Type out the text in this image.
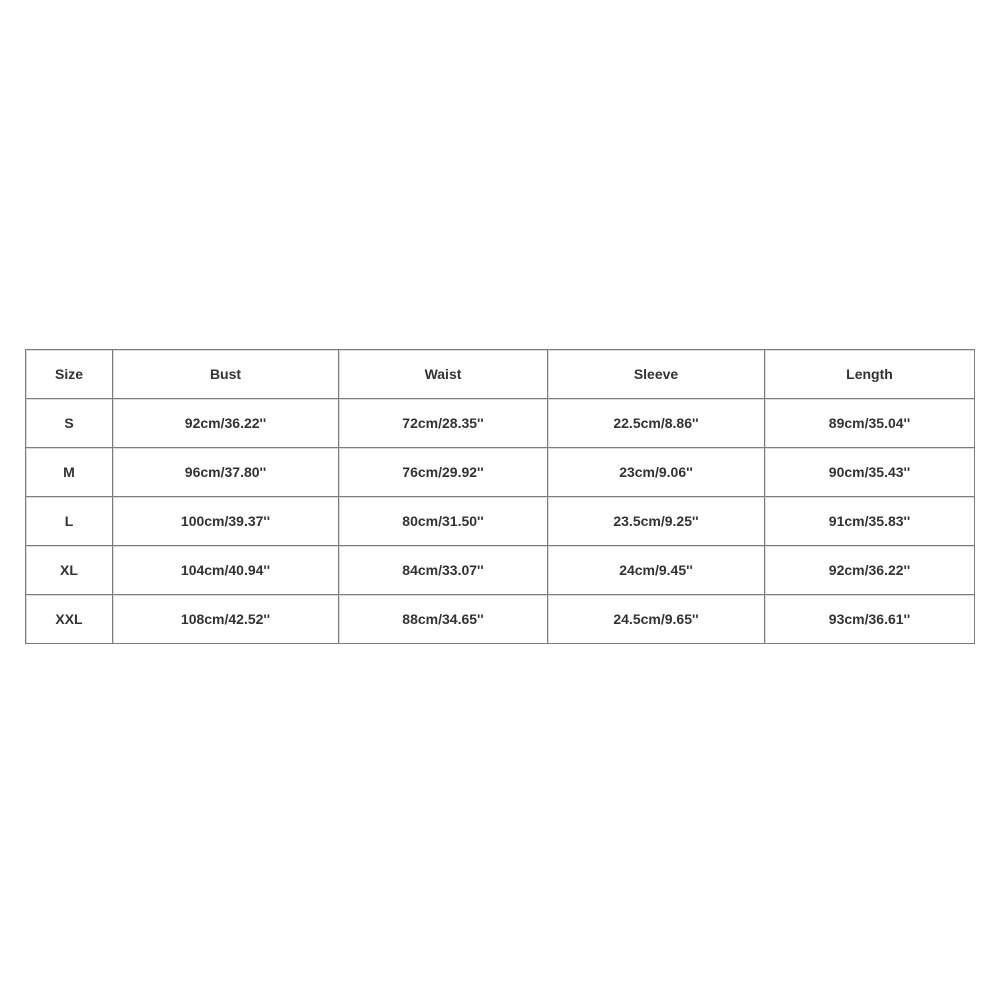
Size	Bust	Waist	Sleeve	Length
S	92cm/36.22''	72cm/28.35''	22.5cm/8.86''	89cm/35.04''
M	96cm/37.80''	76cm/29.92''	23cm/9.06''	90cm/35.43''
L	100cm/39.37''	80cm/31.50''	23.5cm/9.25''	91cm/35.83''
XL	104cm/40.94''	84cm/33.07''	24cm/9.45''	92cm/36.22''
XXL	108cm/42.52''	88cm/34.65''	24.5cm/9.65''	93cm/36.61''
